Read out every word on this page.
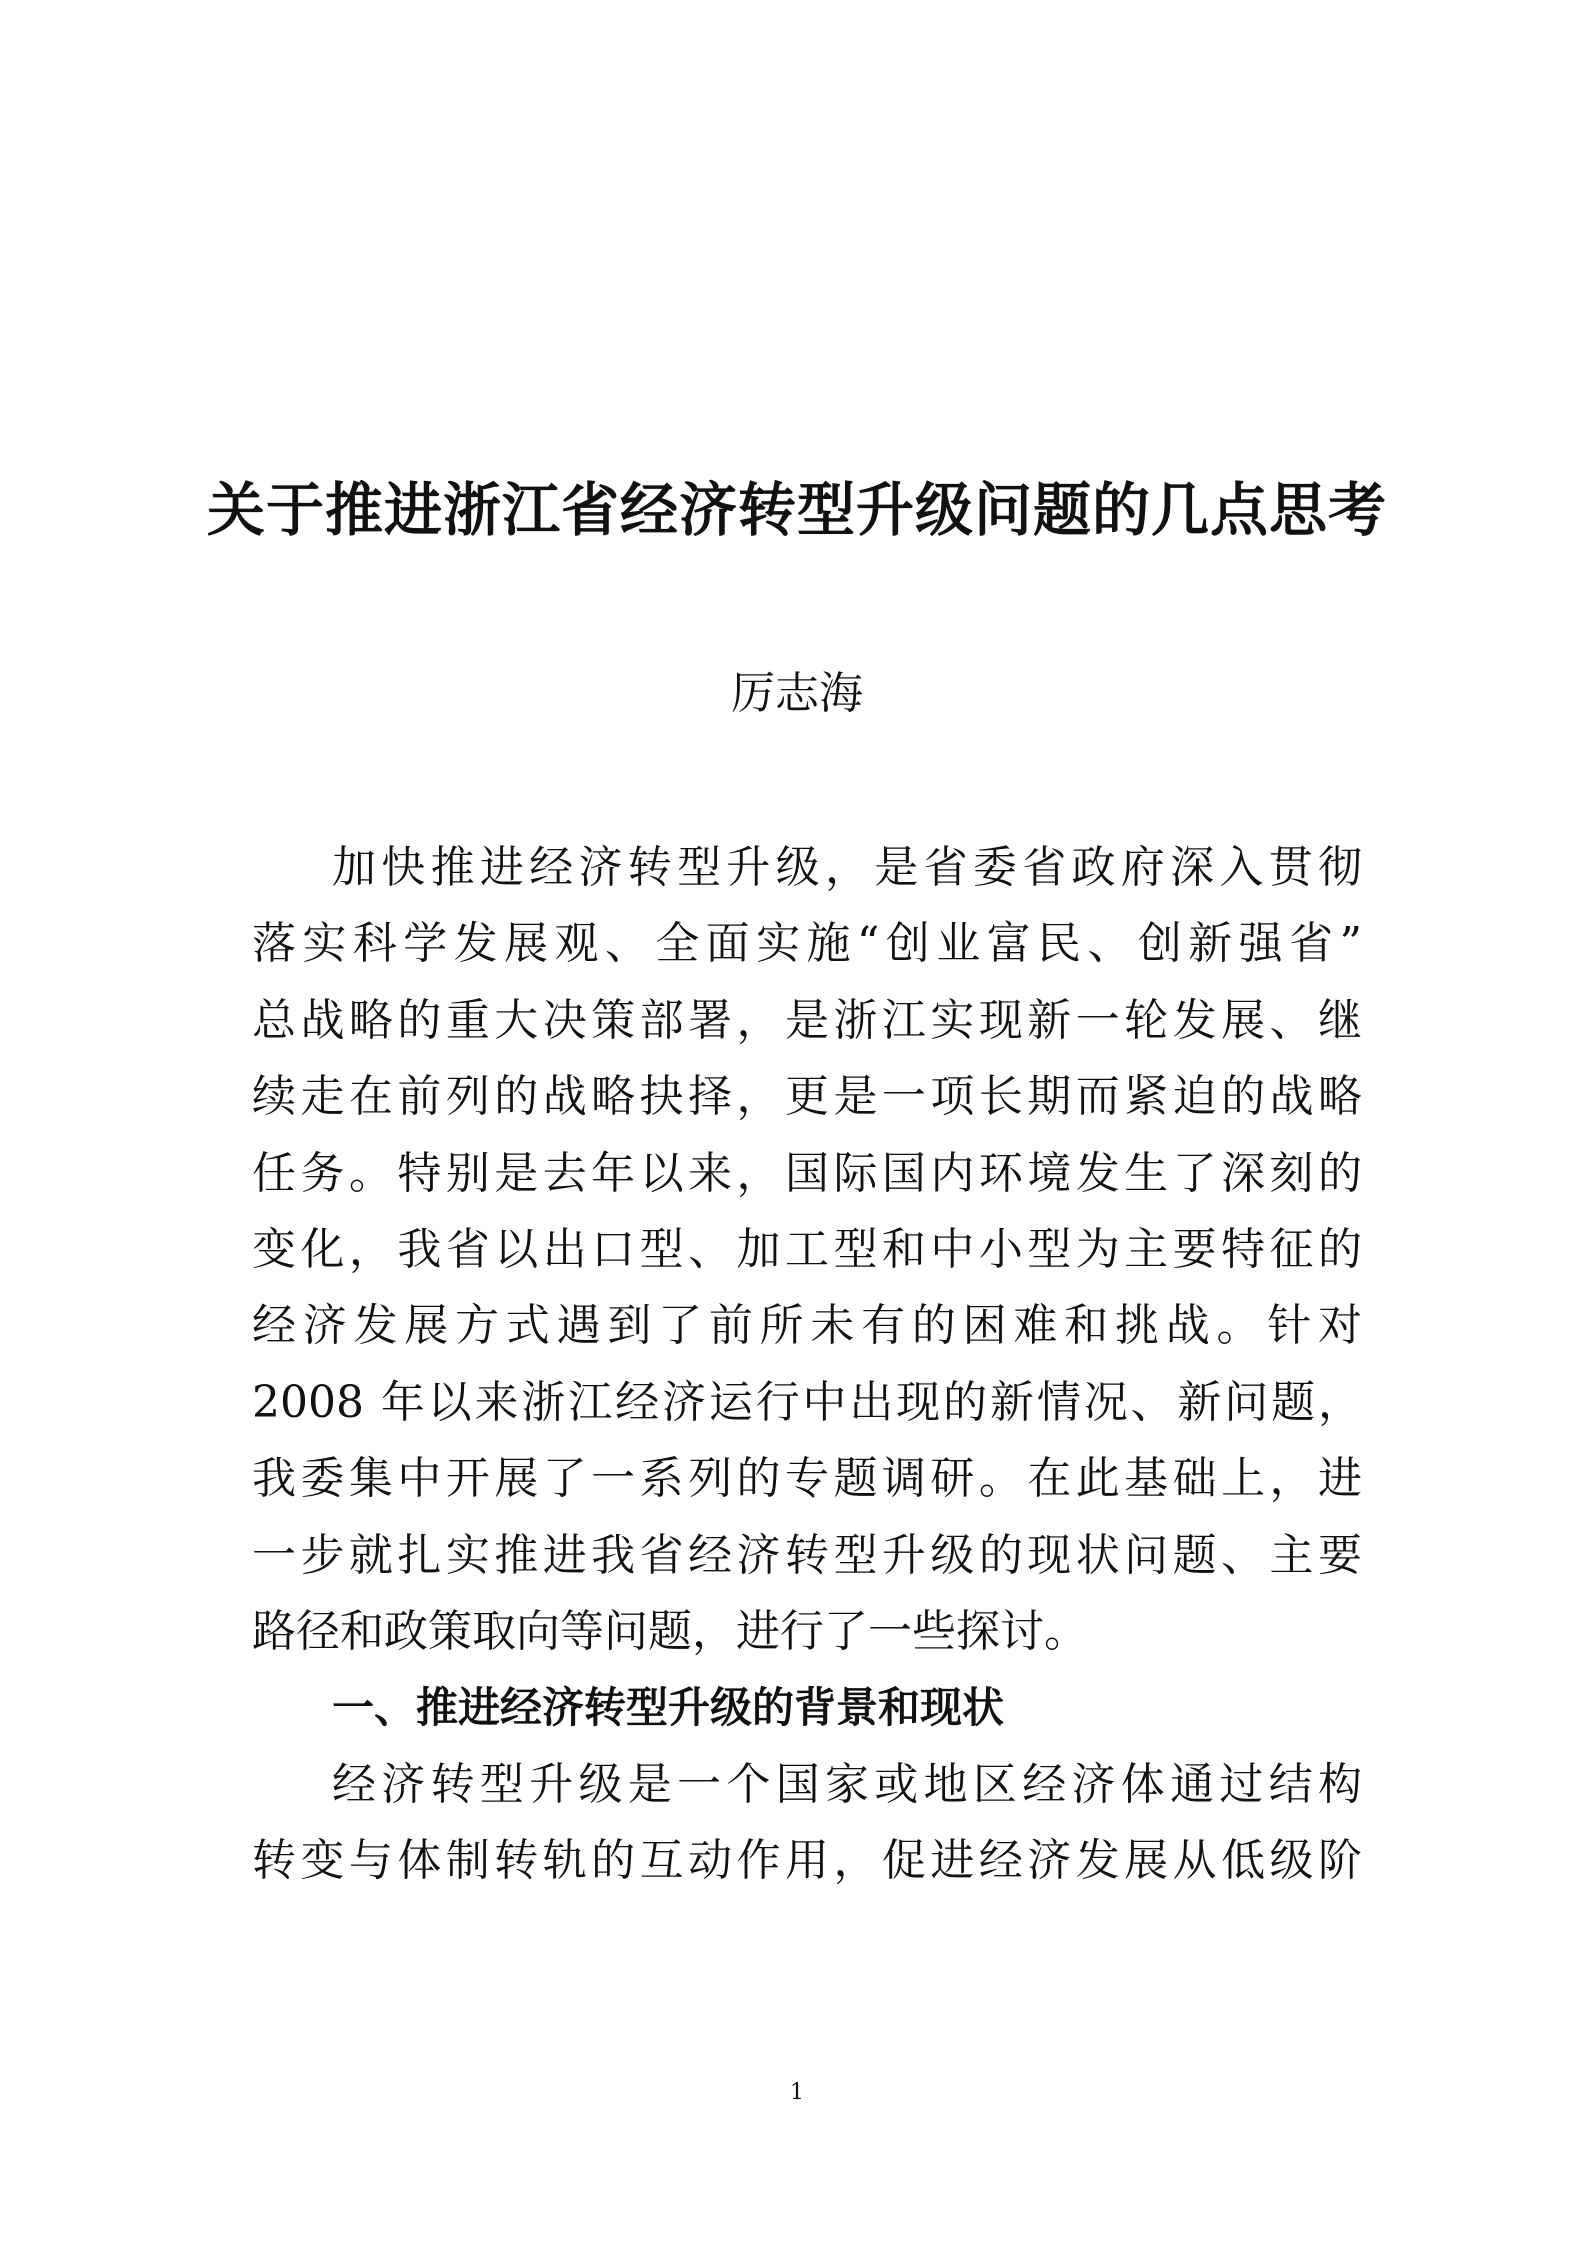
关于推进浙江省经济转型升级问题的几点思考
厉志海
加快推进经济转型升级，是省委省政府深入贯彻
落实科学发展观、全面实施“创业富民、创新强省”
总战略的重大决策部署，是浙江实现新一轮发展、继
续走在前列的战略抉择，更是一项长期而紧迫的战略
任务。特别是去年以来，国际国内环境发生了深刻的
变化，我省以出口型、加工型和中小型为主要特征的
经济发展方式遇到了前所未有的困难和挑战。针对
2008 年以来浙江经济运行中出现的新情况、新问题，
我委集中开展了一系列的专题调研。在此基础上，进
一步就扎实推进我省经济转型升级的现状问题、主要
路径和政策取向等问题，进行了一些探讨。
一、推进经济转型升级的背景和现状
经济转型升级是一个国家或地区经济体通过结构
转变与体制转轨的互动作用，促进经济发展从低级阶
1
